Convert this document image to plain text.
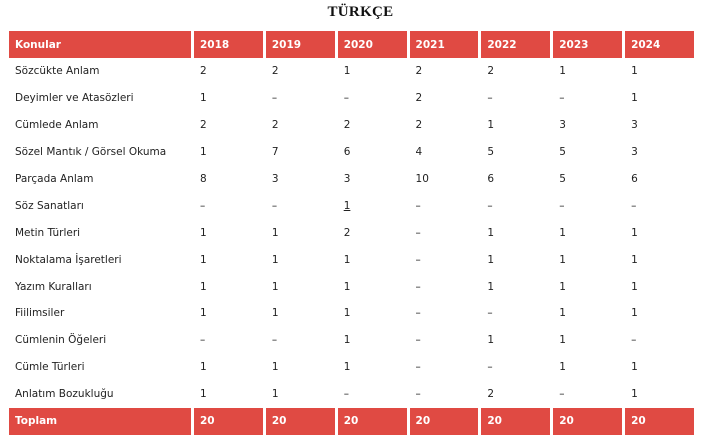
TÜRKÇE
Konular	2018	2019	2020	2021	2022	2023	2024
Sözcükte Anlam	2	2	1	2	2	1	1
Deyimler ve Atasözleri	1	–	–	2	–	–	1
Cümlede Anlam	2	2	2	2	1	3	3
Sözel Mantık / Görsel Okuma	1	7	6	4	5	5	3
Parçada Anlam	8	3	3	10	6	5	6
Söz Sanatları	–	–	1	–	–	–	–
Metin Türleri	1	1	2	–	1	1	1
Noktalama İşaretleri	1	1	1	–	1	1	1
Yazım Kuralları	1	1	1	–	1	1	1
Fiilimsiler	1	1	1	–	–	1	1
Cümlenin Öğeleri	–	–	1	–	1	1	–
Cümle Türleri	1	1	1	–	–	1	1
Anlatım Bozukluğu	1	1	–	–	2	–	1
Toplam	20	20	20	20	20	20	20
